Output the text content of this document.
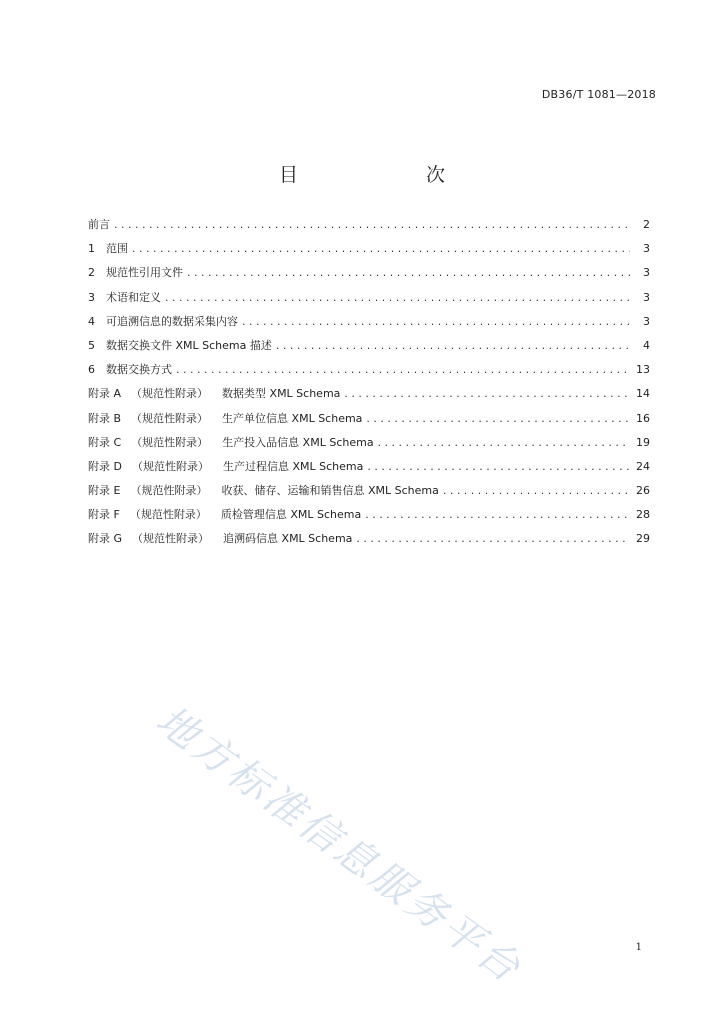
DB36/T 1081—2018
目　　次
前言 . . .	2
1	范围 . . .	3
2	规范性引用文件 . . .	3
3	术语和定义 . . .	3
4	可追溯信息的数据采集内容 . . .	3
5	数据交换文件 XML Schema 描述 . . .	4
6	数据交换方式 . . .	13
附录 A （规范性附录） 数据类型 XML Schema . . .	14
附录 B （规范性附录） 生产单位信息 XML Schema . . .	16
附录 C （规范性附录） 生产投入品信息 XML Schema . . .	19
附录 D （规范性附录） 生产过程信息 XML Schema . . .	24
附录 E （规范性附录） 收获、储存、运输和销售信息 XML Schema . . .	26
附录 F （规范性附录） 质检管理信息 XML Schema . . .	28
附录 G （规范性附录） 追溯码信息 XML Schema . . .	29
地方标准信息服务平台	1
